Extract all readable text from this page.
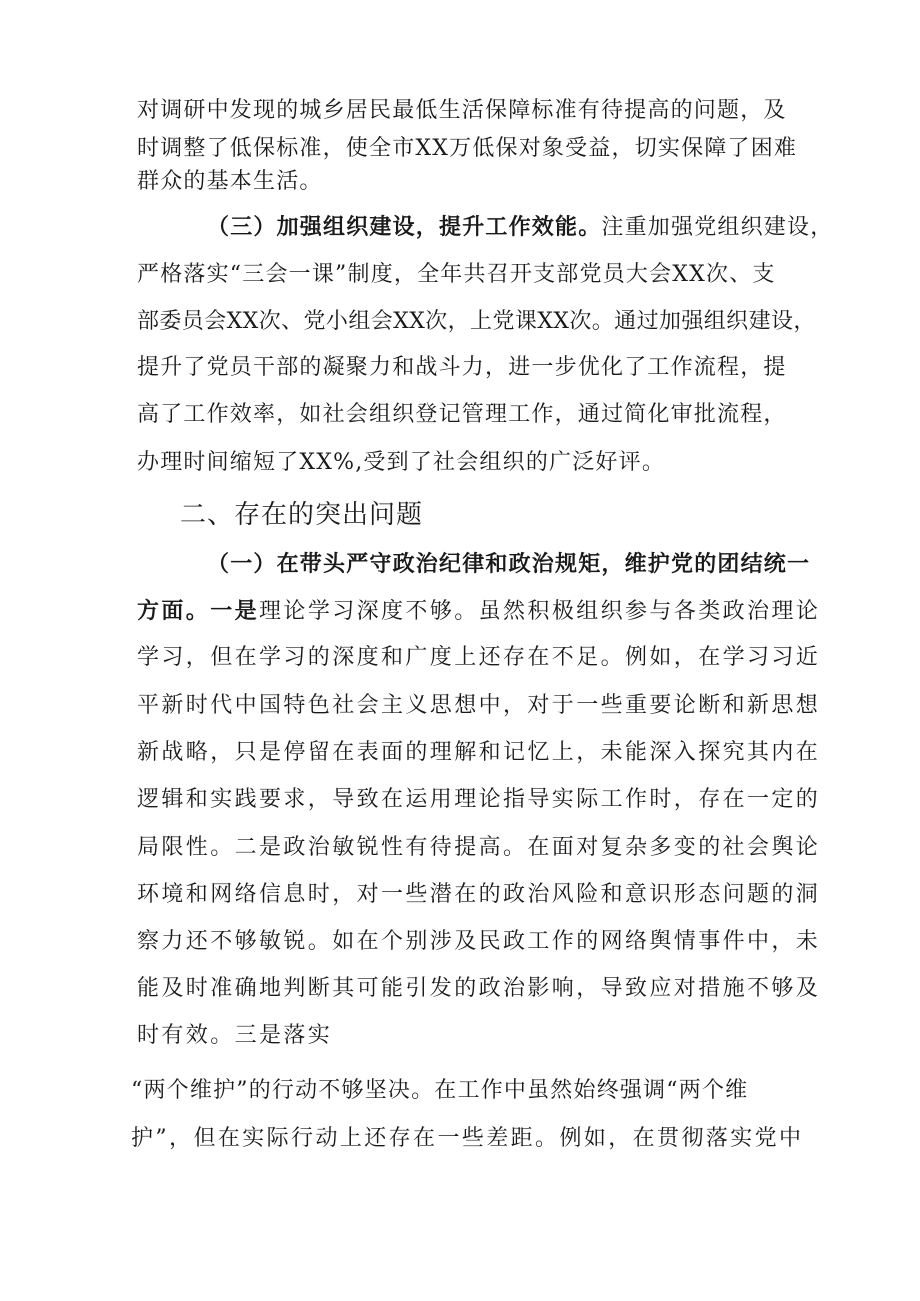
对调研中发现的城乡居民最低生活保障标准有待提高的问题，及
时调整了低保标准，使全市XX万低保对象受益，切实保障了困难
群众的基本生活。
（三）加强组织建设，提升工作效能。注重加强党组织建设，
严格落实“三会一课”制度，全年共召开支部党员大会XX次、支
部委员会XX次、党小组会XX次，上党课XX次。通过加强组织建设，
提升了党员干部的凝聚力和战斗力，进一步优化了工作流程，提
高了工作效率，如社会组织登记管理工作，通过简化审批流程，
办理时间缩短了XX%,受到了社会组织的广泛好评。
二、存在的突出问题
（一）在带头严守政治纪律和政治规矩，维护党的团结统一
方面。一是理论学习深度不够。虽然积极组织参与各类政治理论
学习，但在学习的深度和广度上还存在不足。例如，在学习习近
平新时代中国特色社会主义思想中，对于一些重要论断和新思想
新战略，只是停留在表面的理解和记忆上，未能深入探究其内在
逻辑和实践要求，导致在运用理论指导实际工作时，存在一定的
局限性。二是政治敏锐性有待提高。在面对复杂多变的社会舆论
环境和网络信息时，对一些潜在的政治风险和意识形态问题的洞
察力还不够敏锐。如在个别涉及民政工作的网络舆情事件中，未
能及时准确地判断其可能引发的政治影响，导致应对措施不够及
时有效。三是落实
“两个维护”的行动不够坚决。在工作中虽然始终强调“两个维
护”，但在实际行动上还存在一些差距。例如，在贯彻落实党中
